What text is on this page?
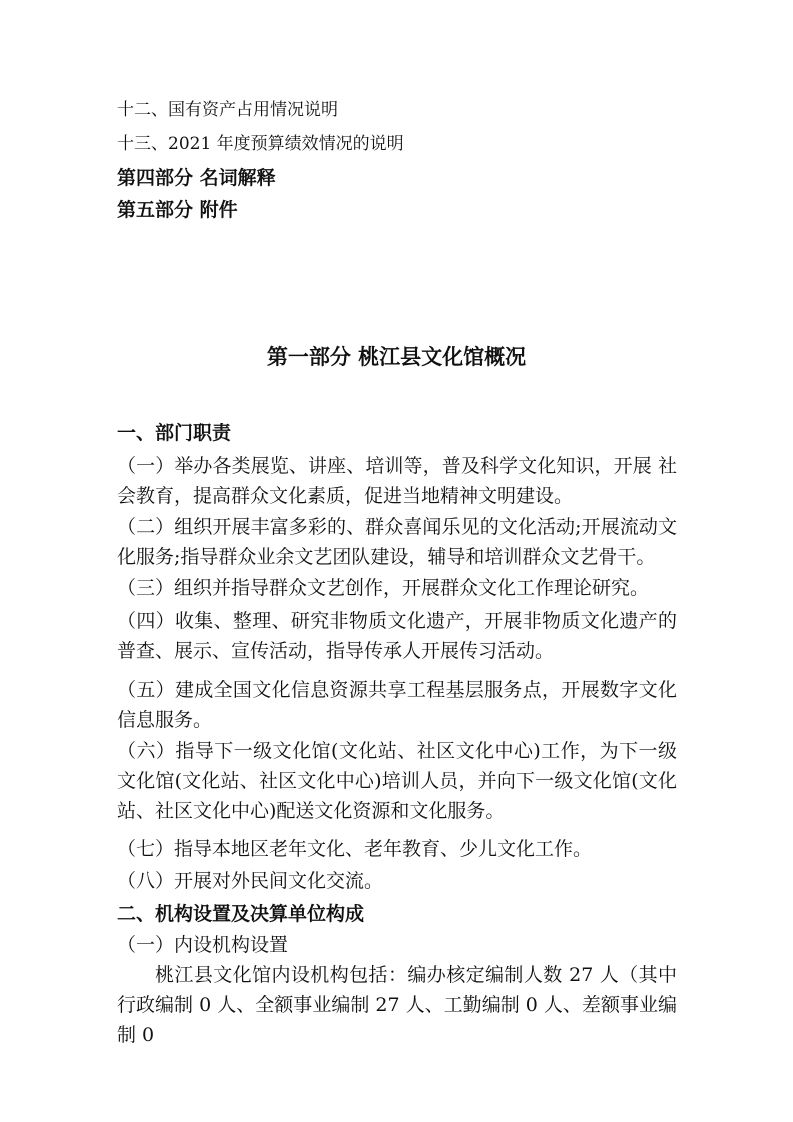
十二、国有资产占用情况说明
十三、2021 年度预算绩效情况的说明
第四部分 名词解释
第五部分 附件
第一部分 桃江县文化馆概况
一、部门职责
（一）举办各类展览、讲座、培训等，普及科学文化知识，开展 社会教育，提高群众文化素质，促进当地精神文明建设。
（二）组织开展丰富多彩的、群众喜闻乐见的文化活动;开展流动文化服务;指导群众业余文艺团队建设，辅导和培训群众文艺骨干。
（三）组织并指导群众文艺创作，开展群众文化工作理论研究。
（四）收集、整理、研究非物质文化遗产，开展非物质文化遗产的普查、展示、宣传活动，指导传承人开展传习活动。
（五）建成全国文化信息资源共享工程基层服务点，开展数字文化信息服务。
（六）指导下一级文化馆(文化站、社区文化中心)工作，为下一级文化馆(文化站、社区文化中心)培训人员，并向下一级文化馆(文化站、社区文化中心)配送文化资源和文化服务。
（七）指导本地区老年文化、老年教育、少儿文化工作。
（八）开展对外民间文化交流。
二、机构设置及决算单位构成
（一）内设机构设置
桃江县文化馆内设机构包括：编办核定编制人数 27 人（其中行政编制 0 人、全额事业编制 27 人、工勤编制 0 人、差额事业编制 0
